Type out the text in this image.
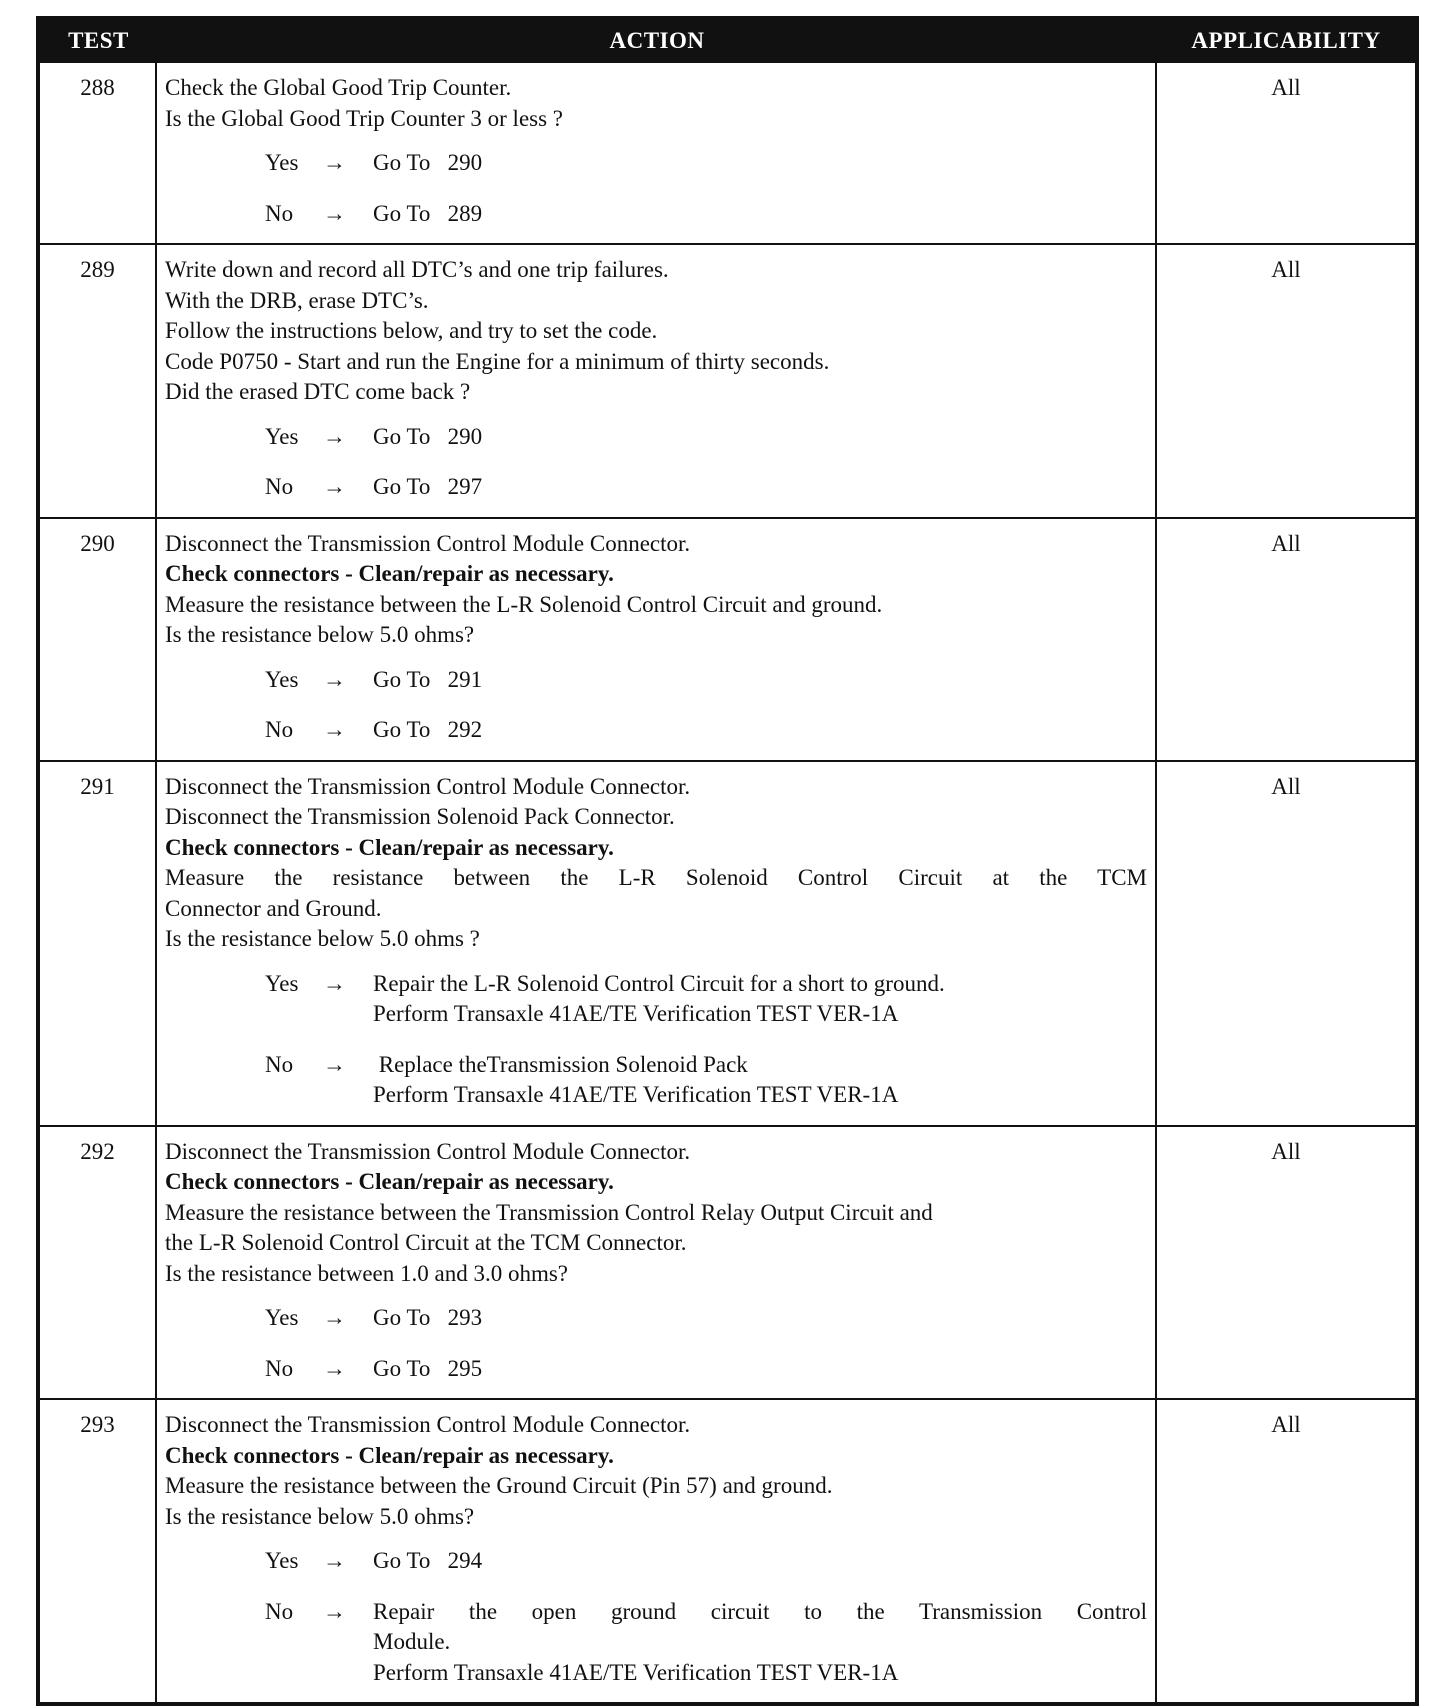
TEST	ACTION	APPLICABILITY
288	Check the Global Good Trip Counter.
Is the Global Good Trip Counter 3 or less ?
Yes	→	Go To   290
No	→	Go To   289
All
289	Write down and record all DTC’s and one trip failures.
With the DRB, erase DTC’s.
Follow the instructions below, and try to set the code.
Code P0750 - Start and run the Engine for a minimum of thirty seconds.
Did the erased DTC come back ?
Yes	→	Go To   290
No	→	Go To   297
All
290	Disconnect the Transmission Control Module Connector.
Check connectors - Clean/repair as necessary.
Measure the resistance between the L-R Solenoid Control Circuit and ground.
Is the resistance below 5.0 ohms?
Yes	→	Go To   291
No	→	Go To   292
All
291	Disconnect the Transmission Control Module Connector.
Disconnect the Transmission Solenoid Pack Connector.
Check connectors - Clean/repair as necessary.
Measure the resistance between the L-R Solenoid Control Circuit at the TCM
Connector and Ground.
Is the resistance below 5.0 ohms ?
Yes	→	Repair the L-R Solenoid Control Circuit for a short to ground.
Perform Transaxle 41AE/TE Verification TEST VER-1A
No	→	Replace theTransmission Solenoid Pack
Perform Transaxle 41AE/TE Verification TEST VER-1A
All
292	Disconnect the Transmission Control Module Connector.
Check connectors - Clean/repair as necessary.
Measure the resistance between the Transmission Control Relay Output Circuit and
the L-R Solenoid Control Circuit at the TCM Connector.
Is the resistance between 1.0 and 3.0 ohms?
Yes	→	Go To   293
No	→	Go To   295
All
293	Disconnect the Transmission Control Module Connector.
Check connectors - Clean/repair as necessary.
Measure the resistance between the Ground Circuit (Pin 57) and ground.
Is the resistance below 5.0 ohms?
Yes	→	Go To   294
No	→	Repair the open ground circuit to the Transmission Control
Module.
Perform Transaxle 41AE/TE Verification TEST VER-1A
All
